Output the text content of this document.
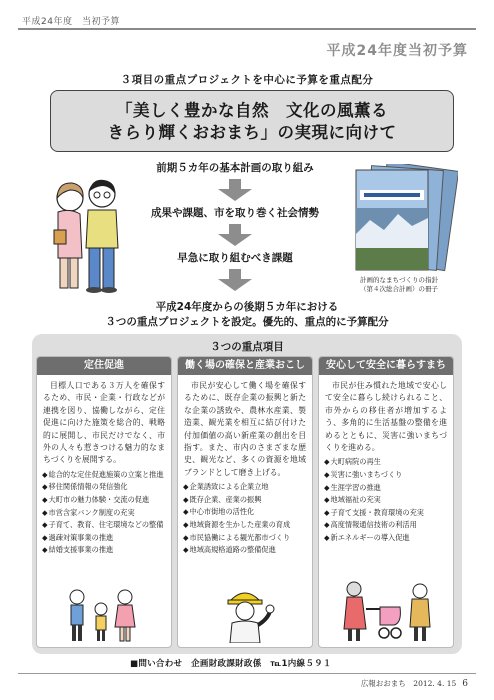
平成24年度　当初予算
平成24年度当初予算
３項目の重点プロジェクトを中心に予算を重点配分
「美しく豊かな自然　文化の風薫る
きらり輝くおおまち」の実現に向けて
前期５カ年の基本計画の取り組み
成果や課題、市を取り巻く社会情勢
早急に取り組むべき課題
計画的なまちづくりの指針
（第４次総合計画）の冊子
平成24年度からの後期５カ年における
３つの重点プロジェクトを設定。優先的、重点的に予算配分
３つの重点項目
定住促進

目標人口である３万人を確保するため、市民・企業・行政などが連携を図り、協働しながら、定住促進に向けた施策を総合的、戦略的に展開し、市民だけでなく、市外の人々も惹きつける魅力的なまちづくりを展開する。

◆ 総合的な定住促進施策の立案と推進
◆ 移住関係情報の発信強化
◆ 大町市の魅力体験・交流の促進
◆ 市営含家バンク制度の充実
◆ 子育て、教育、住宅環境などの整備
◆ 過疎対策事業の推進
◆ 結婚支援事業の推進
働く場の確保と産業おこし

市民が安心して働く場を確保するために、既存企業の振興と新たな企業の誘致や、農林水産業、製造業、観光業を相互に結び付けた付加価値の高い新産業の創出を目指す。また、市内のさまざまな歴史、観光など、多くの資源を地域ブランドとして磨き上げる。

◆ 企業誘致による企業立地
◆ 既存企業、産業の振興
◆ 中心市街地の活性化
◆ 地域資源を生かした産業の育成
◆ 市民協働による観光都市づくり
◆ 地域高規格道路の整備促進
安心して安全に暮らすまち

市民が住み慣れた地域で安心して安全に暮らし続けられること、市外からの移住者が増加するよう、多角的に生活基盤の整備を進めるとともに、災害に強いまちづくりを進める。

◆ 大町病院の再生
◆ 災害に強いまちづくり
◆ 生涯学習の推進
◆ 地域福祉の充実
◆ 子育て支援・教育環境の充実
◆ 高度情報通信技術の利活用
◆ 新エネルギーの導入促進
■問い合わせ　企画財政課財政係　℡1内線５９１
広報おおまち　2012. 4. 15 6
